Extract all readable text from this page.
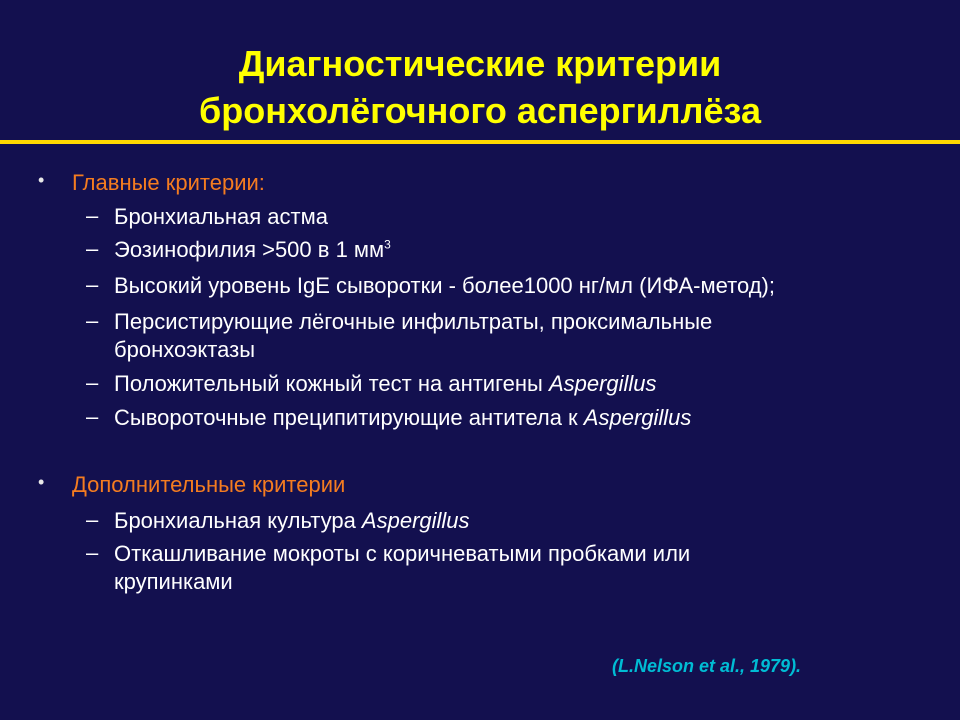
Диагностические критерии
бронхолёгочного аспергиллёза
• Главные критерии:
– Бронхиальная астма
– Эозинофилия >500 в 1 $мм^3$
– Высокий уровень IgE сыворотки - более1000 нг/мл (ИФА-метод);
– Персистирующие лёгочные инфильтраты, проксимальные
бронхоэктазы
– Положительный кожный тест на антигены Aspergillus
– Сывороточные преципитирующие антитела к Aspergillus
• Дополнительные критерии
– Бронхиальная культура Aspergillus
– Откашливание мокроты с коричневатыми пробками или
крупинками
(L.Nelson et al., 1979).
